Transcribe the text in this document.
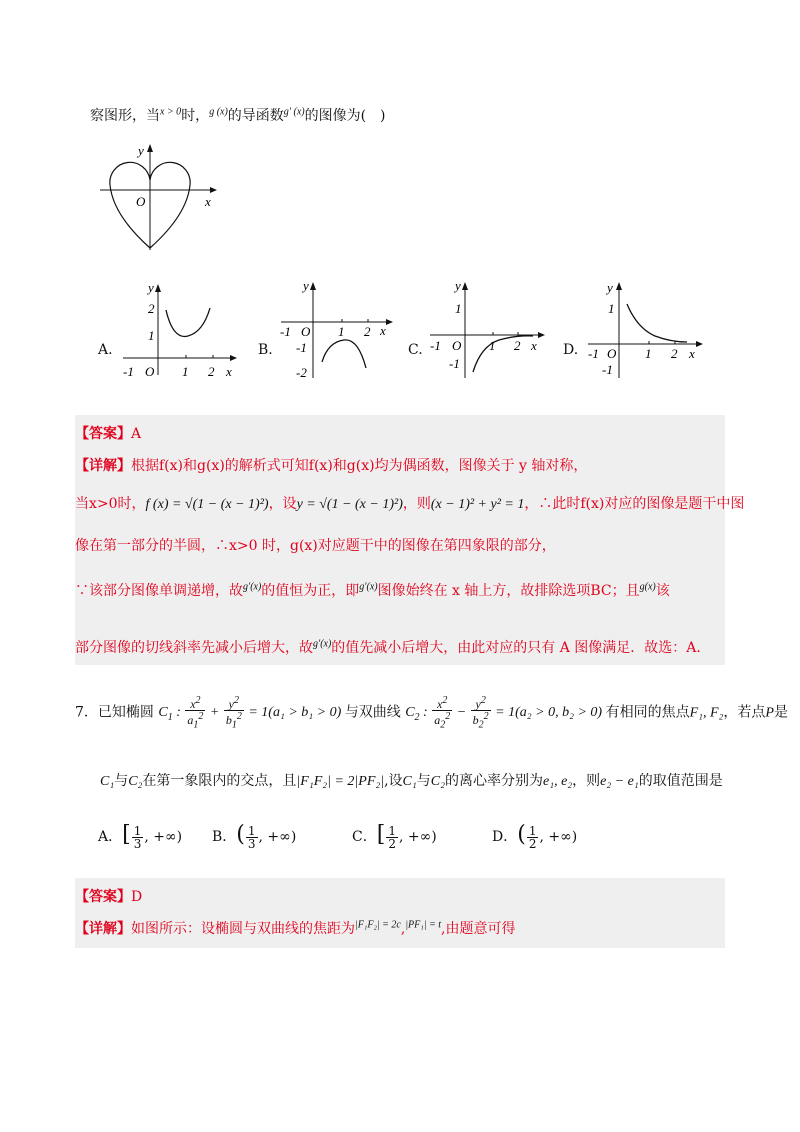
察图形，当$^{x > 0}$时，$^{g (x)}$的导函数$^{g' (x)}$的图像为(　)
y
x
O
A.
y
x
2
1
-1 O 1 2
B.
y
x
-1 O 1 2
-1
-2
C.
y
x
1
-1
-1 O 1 2	D.
y
x
1
-1
-1 O 1 2
【答案】A
【详解】根据f(x)和g(x)的解析式可知f(x)和g(x)均为偶函数，图像关于 y 轴对称，
当x>0时，f (x) = √(1 − (x − 1)²)，设y = √(1 − (x − 1)²)，则(x − 1)² + y² = 1，∴此时f(x)对应的图像是题干中图
像在第一部分的半圆，∴x>0 时，g(x)对应题干中的图像在第四象限的部分，
∵该部分图像单调递增，故$^{g'(x)}$的值恒为正，即$^{g'(x)}$图像始终在 x 轴上方，故排除选项BC；且$^{g(x)}$该
部分图像的切线斜率先减小后增大，故$^{g'(x)}$的值先减小后增大，由此对应的只有 A 图像满足．故选：A．
7．已知椭圆 $C_1$ : $\frac{x^2}{a_1^2} + \frac{y^2}{b_1^2} = 1(a_1 > b_1 > 0)$ 与双曲线 $C_2$ : $\frac{x^2}{a_2^2} - \frac{y^2}{b_2^2} = 1(a_2 > 0$, b₂ > 0) 有相同的焦点F₁, F₂，若点P是
C₁与C₂在第一象限内的交点，且|F₁F₂| = 2|PF₂|,设C₁与C₂的离心率分别为e₁, e₂，则e₂ − e₁的取值范围是
A．[ $\frac{1}{3}$ , +∞) B．( $\frac{1}{3}$ , +∞)	C．[ $\frac{1}{2}$ , +∞)	D．( $\frac{1}{2}$ , +∞)
【答案】D
【详解】如图所示：设椭圆与双曲线的焦距为$^{|F_1F_2| = 2c}$,$^{|PF_1| = t}$,由题意可得
